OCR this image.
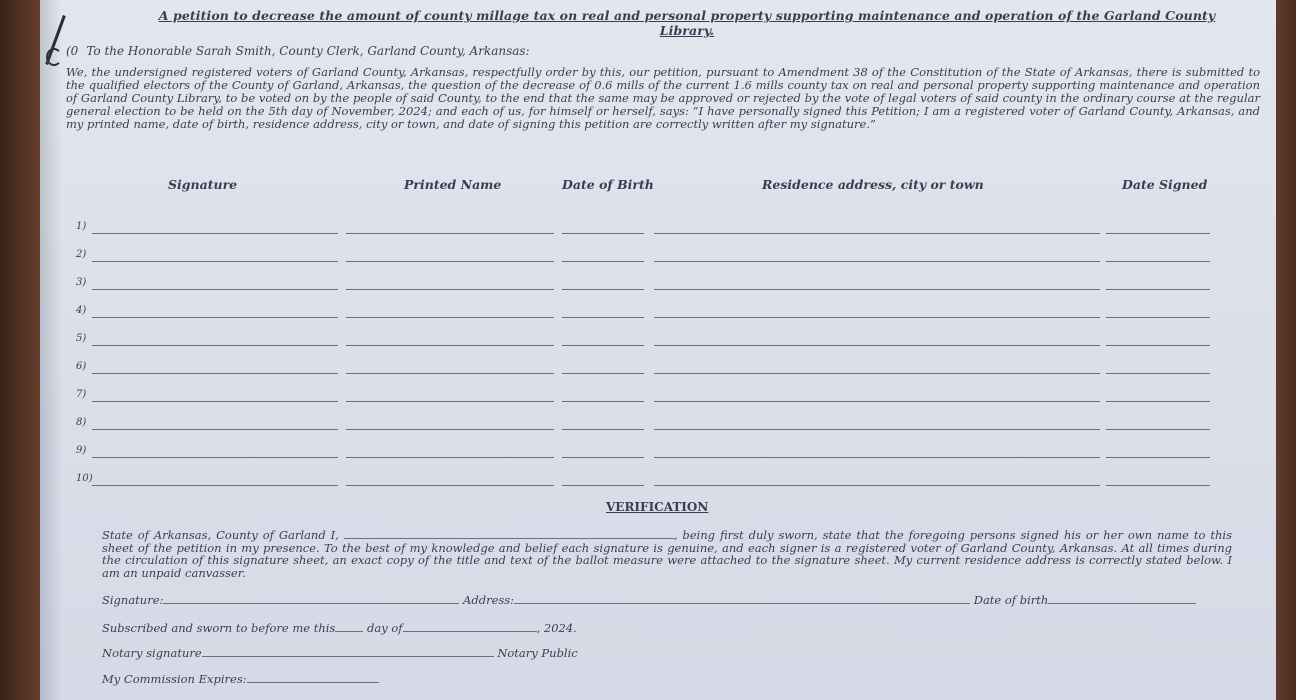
A petition to decrease the amount of county millage tax on real and personal property supporting maintenance and operation of the Garland County Library.
(0 To the Honorable Sarah Smith, County Clerk, Garland County, Arkansas:
We, the undersigned registered voters of Garland County, Arkansas, respectfully order by this, our petition, pursuant to Amendment 38 of the Constitution of the State of Arkansas, there is submitted to the qualified electors of the County of Garland, Arkansas, the question of the decrease of 0.6 mills of the current 1.6 mills county tax on real and personal property supporting maintenance and operation of Garland County Library, to be voted on by the people of said County, to the end that the same may be approved or rejected by the vote of legal voters of said county in the ordinary course at the regular general election to be held on the 5th day of November, 2024; and each of us, for himself or herself, says: “I have personally signed this Petition; I am a registered voter of Garland County, Arkansas, and my printed name, date of birth, residence address, city or town, and date of signing this petition are correctly written after my signature.”
Signature	Printed Name	Date of Birth	Residence address, city or town	Date Signed
1)
2)
3)
4)
5)
6)
7)
8)
9)
10)
VERIFICATION
State of Arkansas, County of Garland I,	, being first duly sworn, state that the foregoing persons signed his or her own name to this sheet of the petition in my presence. To the best of my knowledge and belief each signature is genuine, and each signer is a registered voter of Garland County, Arkansas. At all times during the circulation of this signature sheet, an exact copy of the title and text of the ballot measure were attached to the signature sheet. My current residence address is correctly stated below. I am an unpaid canvasser.
Signature:	Address:	Date of birth
Subscribed and sworn to before me this	day of	, 2024.
Notary signature	Notary Public
My Commission Expires:
